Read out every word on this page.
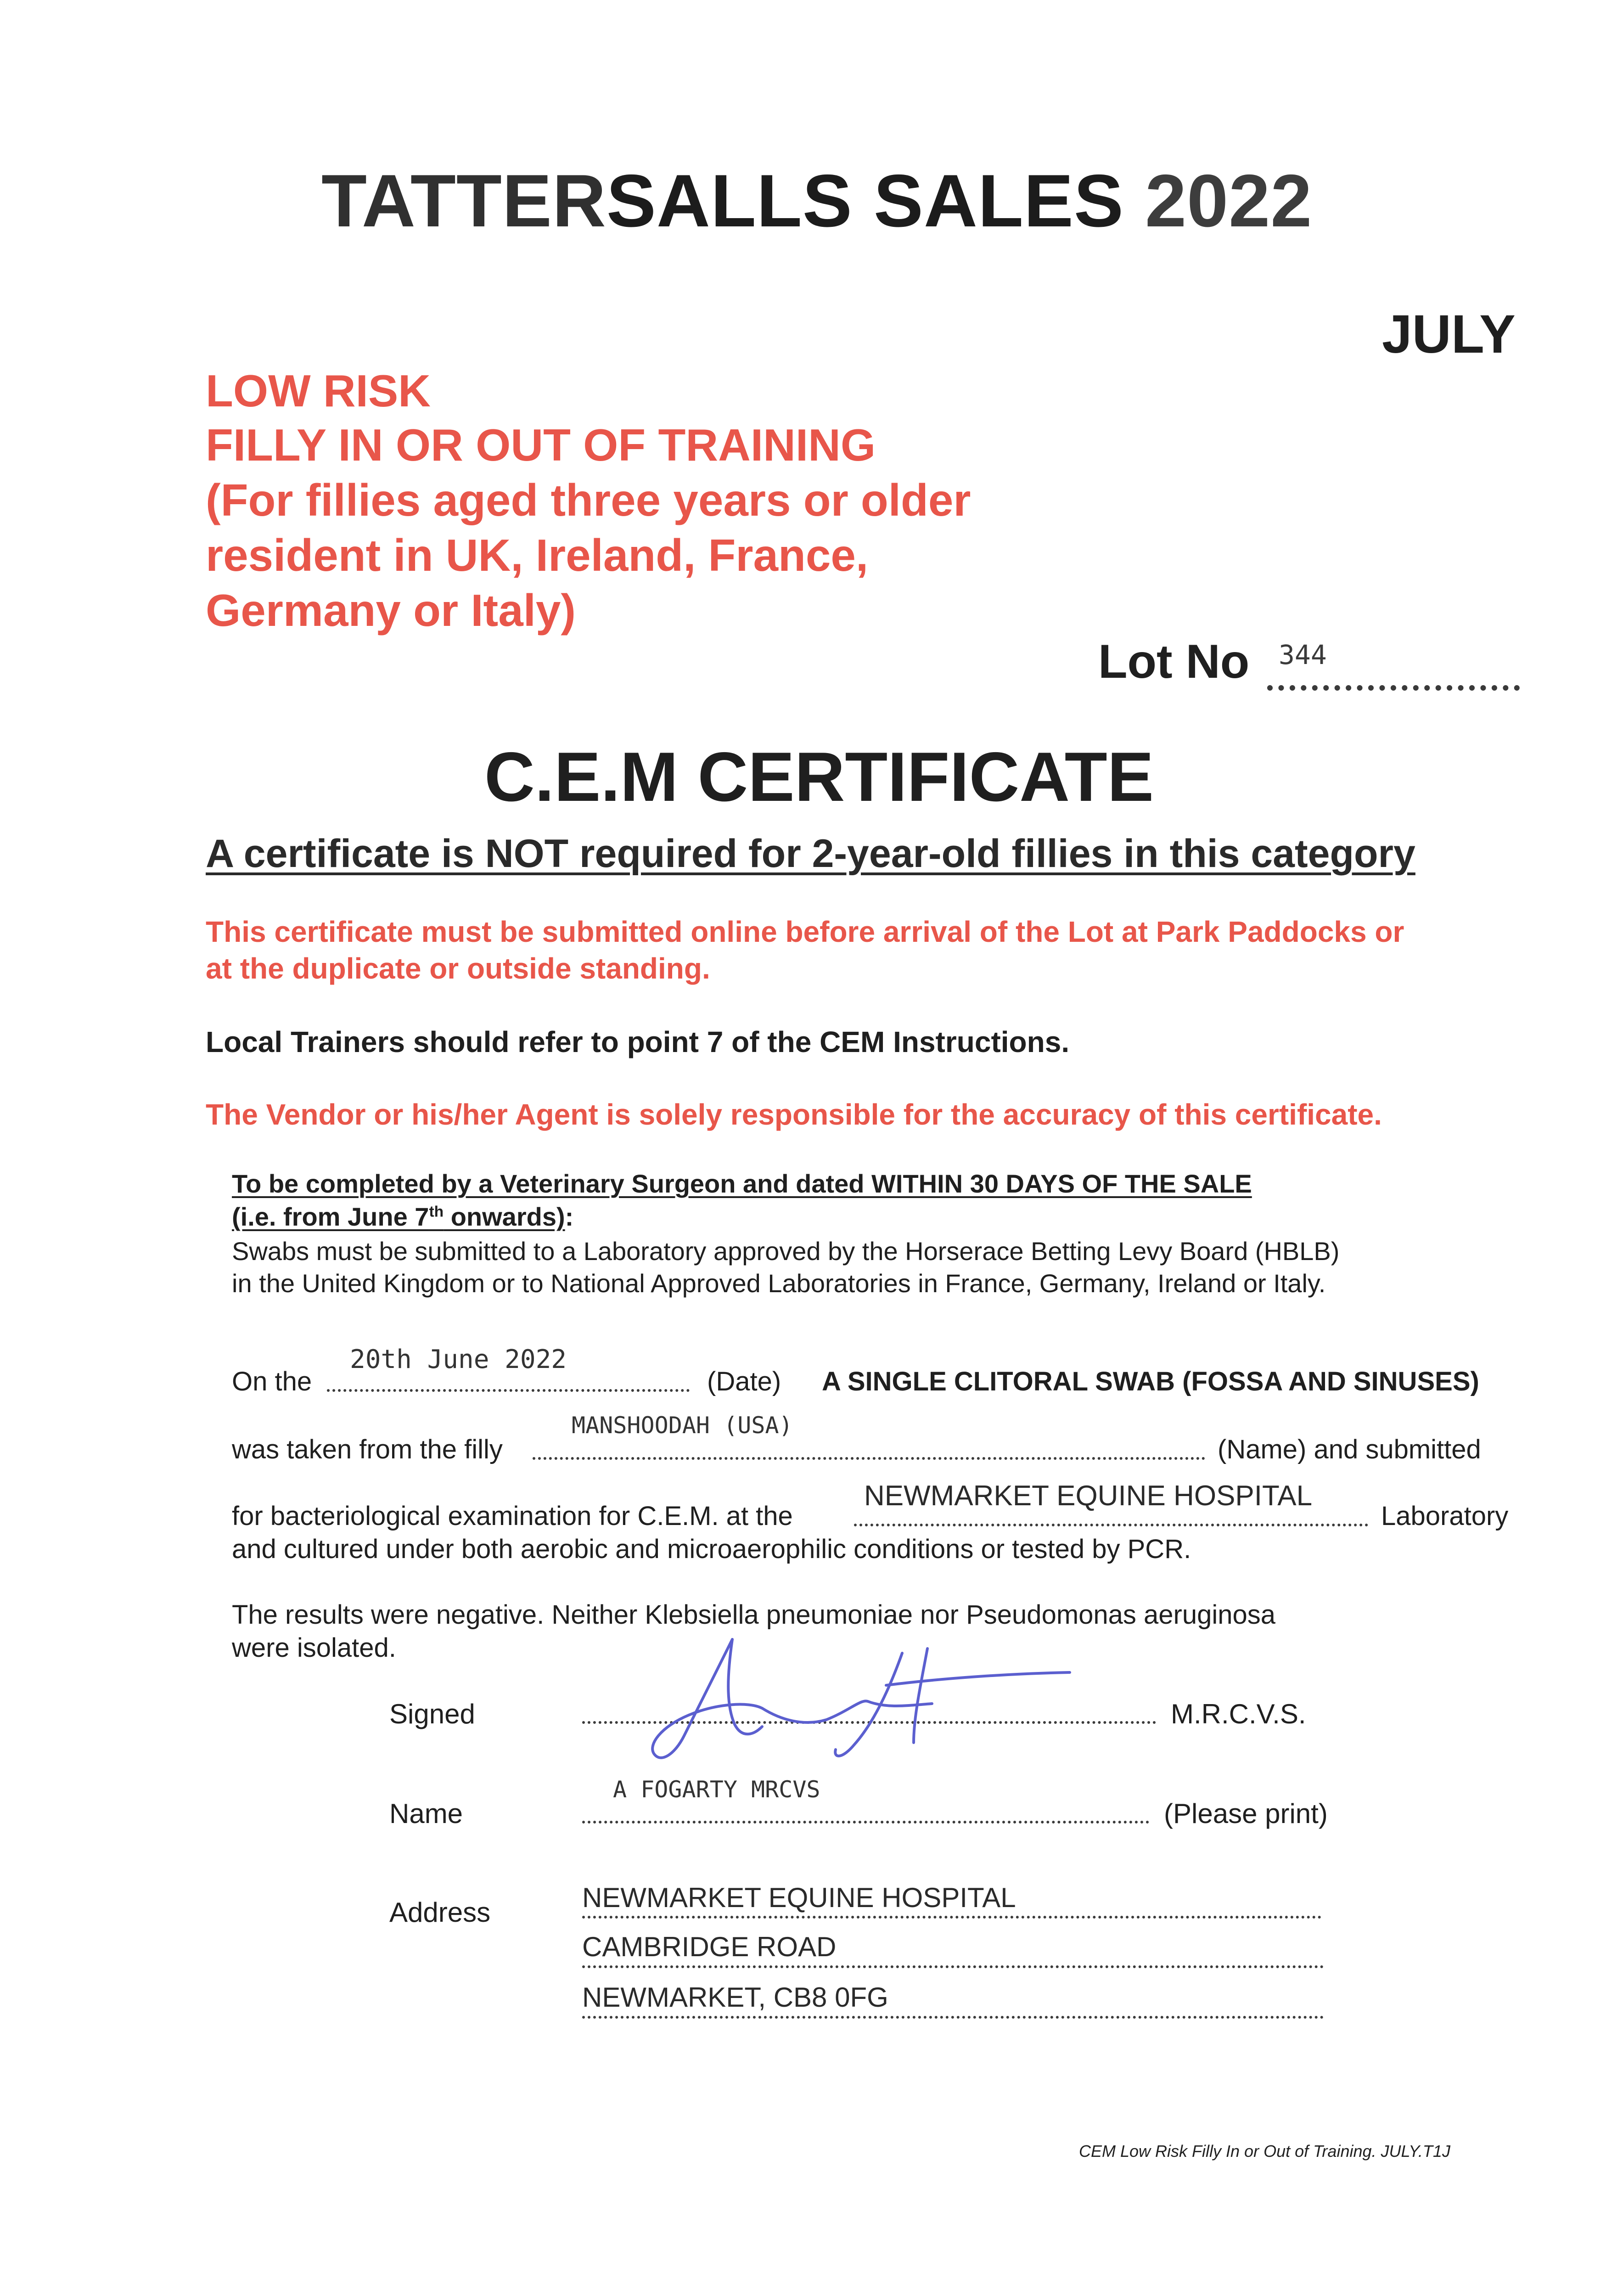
TATTERSALLS SALES 2022
JULY
LOW RISK
FILLY IN OR OUT OF TRAINING
(For fillies aged three years or older
resident in UK, Ireland, France,
Germany or Italy)
Lot No 344
C.E.M CERTIFICATE
A certificate is NOT required for 2-year-old fillies in this category
This certificate must be submitted online before arrival of the Lot at Park Paddocks or
at the duplicate or outside standing.
Local Trainers should refer to point 7 of the CEM Instructions.
The Vendor or his/her Agent is solely responsible for the accuracy of this certificate.
To be completed by a Veterinary Surgeon and dated WITHIN 30 DAYS OF THE SALE
(i.e. from June 7th onwards):
Swabs must be submitted to a Laboratory approved by the Horserace Betting Levy Board (HBLB)
in the United Kingdom or to National Approved Laboratories in France, Germany, Ireland or Italy.
On the
20th June 2022
(Date) A SINGLE CLITORAL SWAB (FOSSA AND SINUSES)
was taken from the filly
MANSHOODAH (USA)
(Name) and submitted
for bacteriological examination for C.E.M. at the
NEWMARKET EQUINE HOSPITAL
Laboratory
and cultured under both aerobic and microaerophilic conditions or tested by PCR.
The results were negative. Neither Klebsiella pneumoniae nor Pseudomonas aeruginosa
were isolated.
Signed	M.R.C.V.S.
Name
A FOGARTY MRCVS
(Please print)
Address	NEWMARKET EQUINE HOSPITAL
CAMBRIDGE ROAD
NEWMARKET, CB8 0FG
CEM Low Risk Filly In or Out of Training. JULY.T1J
